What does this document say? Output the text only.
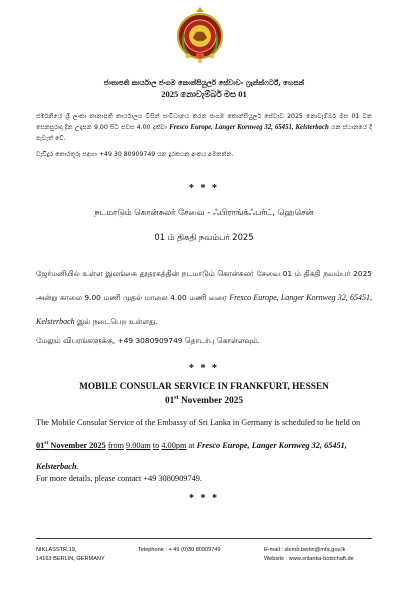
ජාතාපති කාර්යාල ජංගම කොන්සියුලර් සේවාව- ෆ්‍රෑන්ක්ෆර්ට්, හෙසන්
2025 නොවැම්බර් මස 01
ජර්මනියේ ශ්‍රී ලංකා තානාපති කාර්යාලය විසින් සංවිධානය කරන ජංගම කොන්සියුලර් සේවාව 2025 නොවැම්බර් මස 01 වන සෙනසුරාදා දින උදෑසන 9.00 සිට සවස 4.00 දක්වා Fresco Europe, Langer Kornweg 32, 65451, Kelsterbach යන ස්ථානයේ දී පැවැත් වේ.
වැඩිදුර තොරතුරු සඳහා +49 30 80909749 යන දුරකථන අංකය අමතන්න.
* * *
நடமாடும் கொன்சுலர் சேவை - ஃபிராங்க்ஃபர்ட், ஹெசென்
01 ம் திகதி நவம்பர் 2025
ஜேர்மனியில் உள்ள இலங்கை தூதரகத்தின் நடமாடும் கொன்சுலர் சேவை 01 ம் திகதி நவம்பர் 2025 அன்று காலை 9.00 மணி முதல் மாலை 4.00 மணி வரை Fresco Europe, Langer Kornweg 32, 65451, Kelsterbach இல் நடைபெற உள்ளது.
மேலும் விபரங்களுக்கு, +49 3080909749 தொடர்பு கொள்ளவும்.
* * *
MOBILE CONSULAR SERVICE IN FRANKFURT, HESSEN
01st November 2025
The Mobile Consular Service of the Embassy of Sri Lanka in Germany is scheduled to be held on 01st November 2025 from 9.00am to 4.00pm at Fresco Europe, Langer Kornweg 32, 65451, Kelsterbach.
For more details, please contact +49 3080909749.
* * *
NIKLASSTR.19,
14163 BERLIN, GERMANY
Telephone : + 49 (0)30 80909749	E-mail : slemb.berlin@mfa.gov.lk
Website : www.srilanka-botschaft.de
